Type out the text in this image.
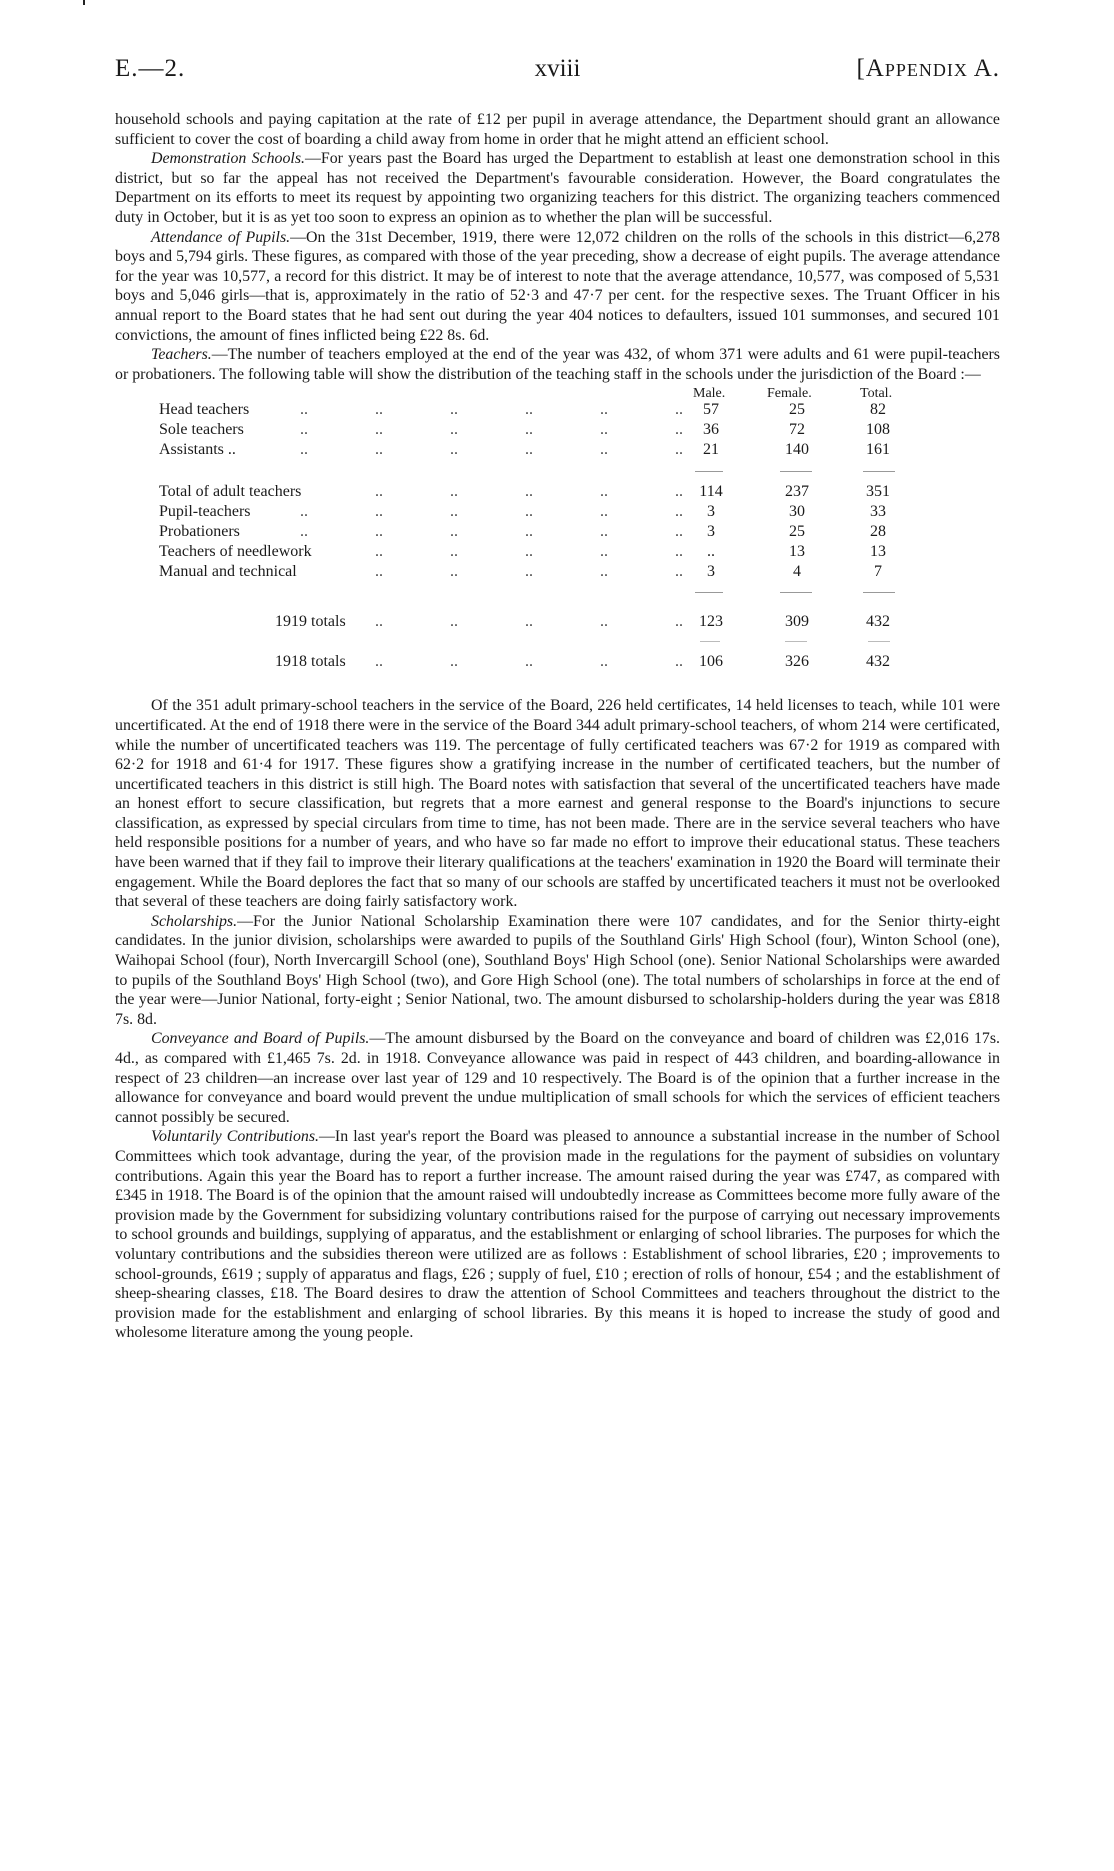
E.—2.	xviii	[Appendix A.

household schools and paying capitation at the rate of £12 per pupil in average attendance, the Department should grant an allowance sufficient to cover the cost of boarding a child away from home in order that he might attend an efficient school.

Demonstration Schools.—For years past the Board has urged the Department to establish at least one demonstration school in this district, but so far the appeal has not received the Department's favourable consideration. However, the Board congratulates the Department on its efforts to meet its request by appointing two organizing teachers for this district. The organizing teachers commenced duty in October, but it is as yet too soon to express an opinion as to whether the plan will be successful.

Attendance of Pupils.—On the 31st December, 1919, there were 12,072 children on the rolls of the schools in this district—6,278 boys and 5,794 girls. These figures, as compared with those of the year preceding, show a decrease of eight pupils. The average attendance for the year was 10,577, a record for this district. It may be of interest to note that the average attendance, 10,577, was composed of 5,531 boys and 5,046 girls—that is, approximately in the ratio of 52·3 and 47·7 per cent. for the respective sexes. The Truant Officer in his annual report to the Board states that he had sent out during the year 404 notices to defaulters, issued 101 summonses, and secured 101 convictions, the amount of fines inflicted being £22 8s. 6d.

Teachers.—The number of teachers employed at the end of the year was 432, of whom 371 were adults and 61 were pupil-teachers or probationers. The following table will show the distribution of the teaching staff in the schools under the jurisdiction of the Board :—

Male.	Female.	Total.
Head teachers	..	..	..	..	..	..	57	25	82
Sole teachers	..	..	..	..	..	..	36	72	108
Assistants ..	..	..	..	..	..	..	21	140	161
Total of adult teachers	..	..	..	..	..	114	237	351
Pupil-teachers	..	..	..	..	..	..	3	30	33
Probationers	..	..	..	..	..	..	3	25	28
Teachers of needlework	..	..	..	..	..	..	13	13
Manual and technical	..	..	..	..	..	3	4	7
1919 totals ..	..	..	..	..	123	309	432
1918 totals ..	..	..	..	..	106	326	432

Of the 351 adult primary-school teachers in the service of the Board, 226 held certificates, 14 held licenses to teach, while 101 were uncertificated. At the end of 1918 there were in the service of the Board 344 adult primary-school teachers, of whom 214 were certificated, while the number of uncertificated teachers was 119. The percentage of fully certificated teachers was 67·2 for 1919 as compared with 62·2 for 1918 and 61·4 for 1917. These figures show a gratifying increase in the number of certificated teachers, but the number of uncertificated teachers in this district is still high. The Board notes with satisfaction that several of the uncertificated teachers have made an honest effort to secure classification, but regrets that a more earnest and general response to the Board's injunctions to secure classification, as expressed by special circulars from time to time, has not been made. There are in the service several teachers who have held responsible positions for a number of years, and who have so far made no effort to improve their educational status. These teachers have been warned that if they fail to improve their literary qualifications at the teachers' examination in 1920 the Board will terminate their engagement. While the Board deplores the fact that so many of our schools are staffed by uncertificated teachers it must not be overlooked that several of these teachers are doing fairly satisfactory work.

Scholarships.—For the Junior National Scholarship Examination there were 107 candidates, and for the Senior thirty-eight candidates. In the junior division, scholarships were awarded to pupils of the Southland Girls' High School (four), Winton School (one), Waihopai School (four), North Invercargill School (one), Southland Boys' High School (one). Senior National Scholarships were awarded to pupils of the Southland Boys' High School (two), and Gore High School (one). The total numbers of scholarships in force at the end of the year were—Junior National, forty-eight ; Senior National, two. The amount disbursed to scholarship-holders during the year was £818 7s. 8d.

Conveyance and Board of Pupils.—The amount disbursed by the Board on the conveyance and board of children was £2,016 17s. 4d., as compared with £1,465 7s. 2d. in 1918. Conveyance allowance was paid in respect of 443 children, and boarding-allowance in respect of 23 children—an increase over last year of 129 and 10 respectively. The Board is of the opinion that a further increase in the allowance for conveyance and board would prevent the undue multiplication of small schools for which the services of efficient teachers cannot possibly be secured.

Voluntarily Contributions.—In last year's report the Board was pleased to announce a substantial increase in the number of School Committees which took advantage, during the year, of the provision made in the regulations for the payment of subsidies on voluntary contributions. Again this year the Board has to report a further increase. The amount raised during the year was £747, as compared with £345 in 1918. The Board is of the opinion that the amount raised will undoubtedly increase as Committees become more fully aware of the provision made by the Government for subsidizing voluntary contributions raised for the purpose of carrying out necessary improvements to school grounds and buildings, supplying of apparatus, and the establishment or enlarging of school libraries. The purposes for which the voluntary contributions and the subsidies thereon were utilized are as follows : Establishment of school libraries, £20 ; improvements to school-grounds, £619 ; supply of apparatus and flags, £26 ; supply of fuel, £10 ; erection of rolls of honour, £54 ; and the establishment of sheep-shearing classes, £18. The Board desires to draw the attention of School Committees and teachers throughout the district to the provision made for the establishment and enlarging of school libraries. By this means it is hoped to increase the study of good and wholesome literature among the young people.
